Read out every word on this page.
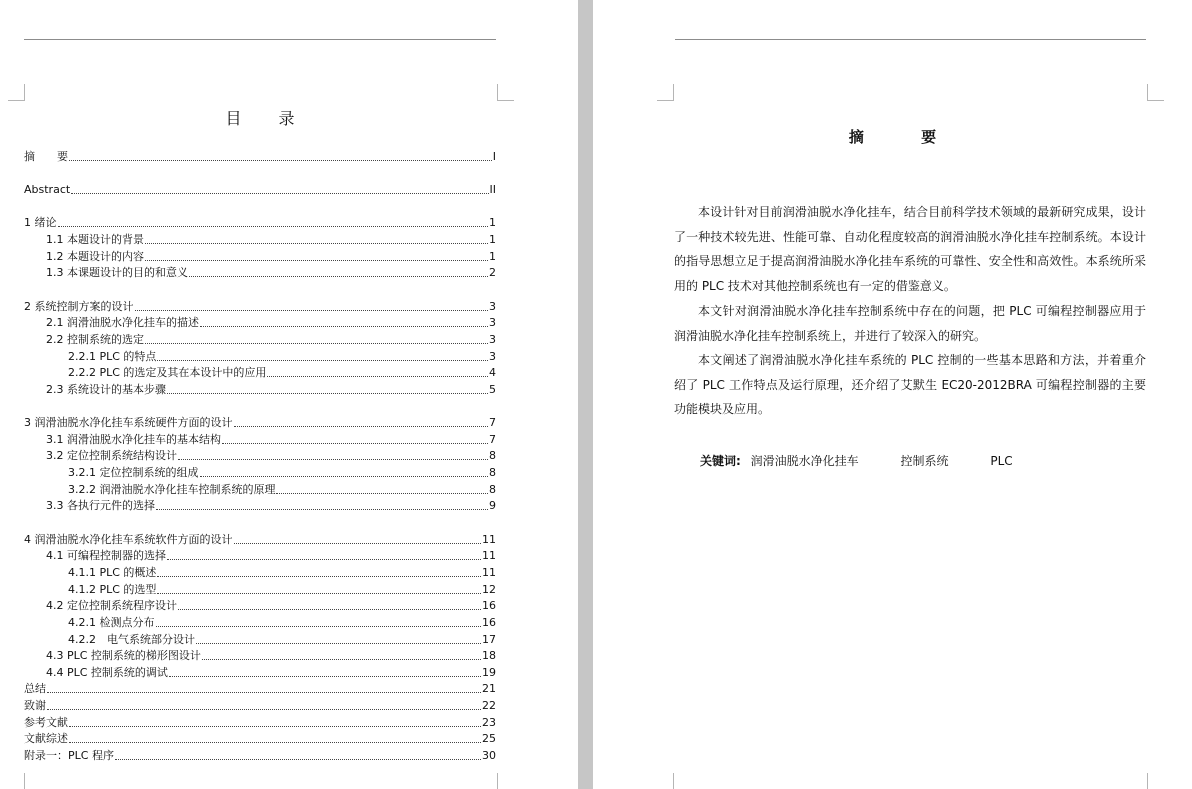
目 录
摘　　要	I
Abstract	II
1 绪论	1
1.1 本题设计的背景	1
1.2 本题设计的内容	1
1.3 本课题设计的目的和意义	2
2 系统控制方案的设计	3
2.1 润滑油脱水净化挂车的描述	3
2.2 控制系统的选定	3
2.2.1 PLC 的特点	3
2.2.2 PLC 的选定及其在本设计中的应用	4
2.3 系统设计的基本步骤	5
3 润滑油脱水净化挂车系统硬件方面的设计	7
3.1 润滑油脱水净化挂车的基本结构	7
3.2 定位控制系统结构设计	8
3.2.1 定位控制系统的组成	8
3.2.2 润滑油脱水净化挂车控制系统的原理	8
3.3 各执行元件的选择	9
4 润滑油脱水净化挂车系统软件方面的设计	11
4.1 可编程控制器的选择	11
4.1.1 PLC 的概述	11
4.1.2 PLC 的选型	12
4.2 定位控制系统程序设计	16
4.2.1 检测点分布	16
4.2.2　电气系统部分设计	17
4.3 PLC 控制系统的梯形图设计	18
4.4 PLC 控制系统的调试	19
总结	21
致谢	22
参考文献	23
文献综述	25
附录一：PLC 程序	30
摘 要
本设计针对目前润滑油脱水净化挂车，结合目前科学技术领域的最新研究成果，设计了一种技术较先进、性能可靠、自动化程度较高的润滑油脱水净化挂车控制系统。本设计的指导思想立足于提高润滑油脱水净化挂车系统的可靠性、安全性和高效性。本系统所采用的 PLC 技术对其他控制系统也有一定的借鉴意义。
本文针对润滑油脱水净化挂车控制系统中存在的问题，把 PLC 可编程控制器应用于润滑油脱水净化挂车控制系统上，并进行了较深入的研究。
本文阐述了润滑油脱水净化挂车系统的 PLC 控制的一些基本思路和方法，并着重介绍了 PLC 工作特点及运行原理，还介绍了艾默生 EC20-2012BRA 可编程控制器的主要功能模块及应用。
关键词: 润滑油脱水净化挂车	控制系统	PLC
